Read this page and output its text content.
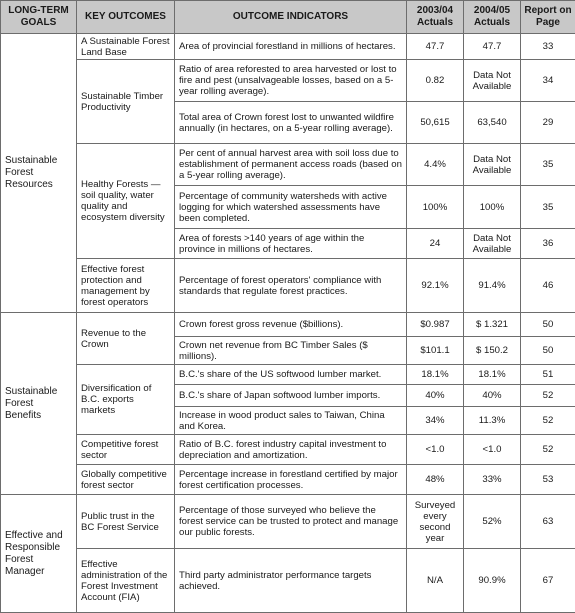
LONG-TERM GOALS	KEY OUTCOMES	OUTCOME INDICATORS	2003/04 Actuals	2004/05 Actuals	Report on Page
Sustainable Forest Resources	A Sustainable Forest Land Base	Area of provincial forestland in millions of hectares.	47.7	47.7	33
	Sustainable Timber Productivity	Ratio of area reforested to area harvested or lost to fire and pest (unsalvageable losses, based on a 5-year rolling average).	0.82	Data Not Available	34
		Total area of Crown forest lost to unwanted wildfire annually (in hectares, on a 5-year rolling average).	50,615	63,540	29
	Healthy Forests — soil quality, water quality and ecosystem diversity	Per cent of annual harvest area with soil loss due to establishment of permanent access roads (based on a 5-year rolling average).	4.4%	Data Not Available	35
		Percentage of community watersheds with active logging for which watershed assessments have been completed.	100%	100%	35
		Area of forests >140 years of age within the province in millions of hectares.	24	Data Not Available	36
	Effective forest protection and management by forest operators	Percentage of forest operators' compliance with standards that regulate forest practices.	92.1%	91.4%	46
Sustainable Forest Benefits	Revenue to the Crown	Crown forest gross revenue ($billions).	$0.987	$ 1.321	50
		Crown net revenue from BC Timber Sales ($ millions).	$101.1	$ 150.2	50
	Diversification of B.C. exports markets	B.C.'s share of the US softwood lumber market.	18.1%	18.1%	51
		B.C.'s share of Japan softwood lumber imports.	40%	40%	52
		Increase in wood product sales to Taiwan, China and Korea.	34%	11.3%	52
	Competitive forest sector	Ratio of B.C. forest industry capital investment to depreciation and amortization.	<1.0	<1.0	52
	Globally competitive forest sector	Percentage increase in forestland certified by major forest certification processes.	48%	33%	53
Effective and Responsible Forest Manager	Public trust in the BC Forest Service	Percentage of those surveyed who believe the forest service can be trusted to protect and manage our public forests.	Surveyed every second year	52%	63
	Effective administration of the Forest Investment Account (FIA)	Third party administrator performance targets achieved.	N/A	90.9%	67
